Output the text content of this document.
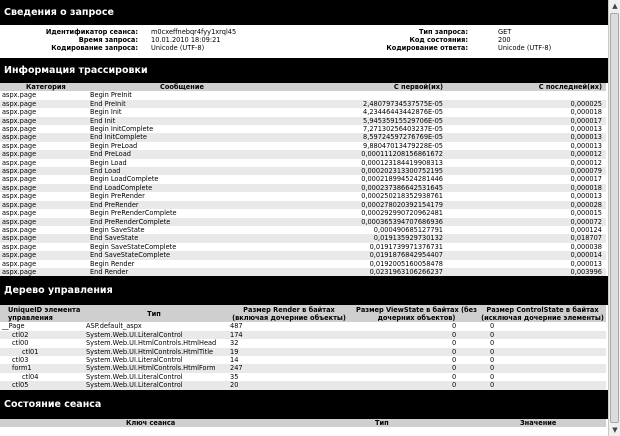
Сведения о запросе
Идентификатор сеанса: m0cxeffnebqr4fyy1xrql45	Тип запроса:	GET
Время запроса: 10.01.2010 18:09:21	Код состояния:	200
Кодирование запроса: Unicode (UTF-8)	Кодирование ответа:	Unicode (UTF-8)
Информация трассировки
Категория	Сообщение	С первой(их)	С последней(их)
aspx.page	Begin PreInit		
aspx.page	End PreInit	2,48079734537575E-05	0,000025
aspx.page	Begin Init	4,23446443442876E-05	0,000018
aspx.page	End Init	5,94535915529706E-05	0,000017
aspx.page	Begin InitComplete	7,27130256403237E-05	0,000013
aspx.page	End InitComplete	8,59724597276769E-05	0,000013
aspx.page	Begin PreLoad	9,88047013479228E-05	0,000013
aspx.page	End PreLoad	0,000111208156861672	0,000012
aspx.page	Begin Load	0,000123184419908313	0,000012
aspx.page	End Load	0,000202313300752195	0,000079
aspx.page	Begin LoadComplete	0,000218994524281446	0,000017
aspx.page	End LoadComplete	0,000237386642531645	0,000018
aspx.page	Begin PreRender	0,000250218352938761	0,000013
aspx.page	End PreRender	0,000278020392154179	0,000028
aspx.page	Begin PreRenderComplete	0,000292990720962481	0,000015
aspx.page	End PreRenderComplete	0,000365394707686936	0,000072
aspx.page	Begin SaveState	0,000490685127791	0,000124
aspx.page	End SaveState	0,019135929730132	0,018707
aspx.page	Begin SaveStateComplete	0,0191739971376731	0,000038
aspx.page	End SaveStateComplete	0,0191876842954407	0,000014
aspx.page	Begin Render	0,0192005160058478	0,000013
aspx.page	End Render	0,0231963106266237	0,003996
Дерево управления
UniqueID элемента управления	Тип	Размер Render в байтах (включая дочерние объекты)	Размер ViewState в байтах (без дочерних объектов)	Размер ControlState в байтах (исключая дочерние элементы)
__Page	ASP.default_aspx	487	0	0
ctl02	System.Web.UI.LiteralControl	174	0	0
ctl00	System.Web.UI.HtmlControls.HtmlHead	32	0	0
ctl01	System.Web.UI.HtmlControls.HtmlTitle	19	0	0
ctl03	System.Web.UI.LiteralControl	14	0	0
form1	System.Web.UI.HtmlControls.HtmlForm	247	0	0
ctl04	System.Web.UI.LiteralControl	35	0	0
ctl05	System.Web.UI.LiteralControl	20	0	0
Состояние сеанса
Ключ сеанса	Тип	Значение
▲
▼
